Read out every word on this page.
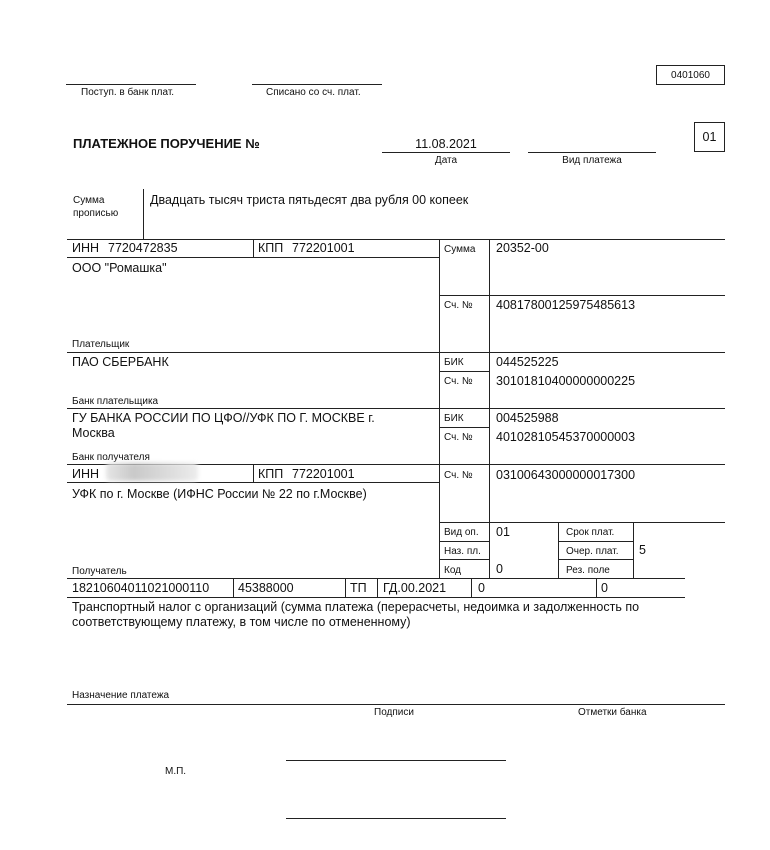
Поступ. в банк плат.	Списано со сч. плат.
0401060
ПЛАТЕЖНОЕ ПОРУЧЕНИЕ №	11.08.2021
Дата	Вид платежа
01
Сумма
прописью
Двадцать тысяч триста пятьдесят два рубля 00 копеек
ИНН 7720472835	КПП 772201001
ООО "Ромашка"
Плательщик
Сумма 20352-00
Сч. № 40817800125975485613
ПАО СБЕРБАНК
Банк плательщика
БИК	044525225
Сч. № 30101810400000000225
ГУ БАНКА РОССИИ ПО ЦФО//УФК ПО Г. МОСКВЕ г.
Москва
Банк получателя
БИК	004525988
Сч. № 40102810545370000003
ИНН	КПП 772201001
УФК по г. Москве (ИФНС России № 22 по г.Москве)
Получатель
Сч. № 03100643000000017300
Вид оп. 01
Наз. пл.
Код	0
Срок плат.
Очер. плат. 5
Рез. поле
18210604011021000110 45388000	ТП ГД.00.2021	0	0
Транспортный налог с организаций (сумма платежа (перерасчеты, недоимка и задолженность по
соответствующему платежу, в том числе по отмененному)
Назначение платежа
Подписи	Отметки банка
М.П.
